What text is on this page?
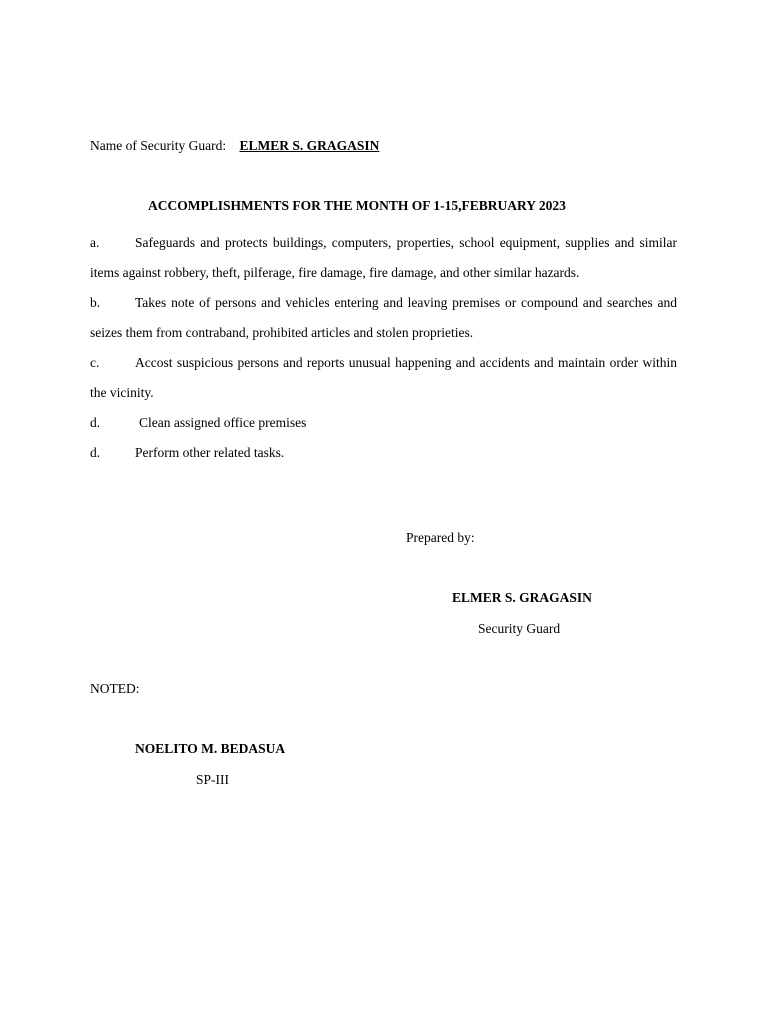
Name of Security Guard: ELMER S. GRAGASIN
ACCOMPLISHMENTS FOR THE MONTH OF 1-15,FEBRUARY 2023
a.	Safeguards and protects buildings, computers, properties, school equipment, supplies and similar items against robbery, theft, pilferage, fire damage, fire damage, and other similar hazards.
b.	Takes note of persons and vehicles entering and leaving premises or compound and searches and seizes them from contraband, prohibited articles and stolen proprieties.
c.	Accost suspicious persons and reports unusual happening and accidents and maintain order within the vicinity.
d.	Clean assigned office premises
d.	Perform other related tasks.
Prepared by:
ELMER S. GRAGASIN
Security Guard
NOTED:
NOELITO M. BEDASUA
SP-III
